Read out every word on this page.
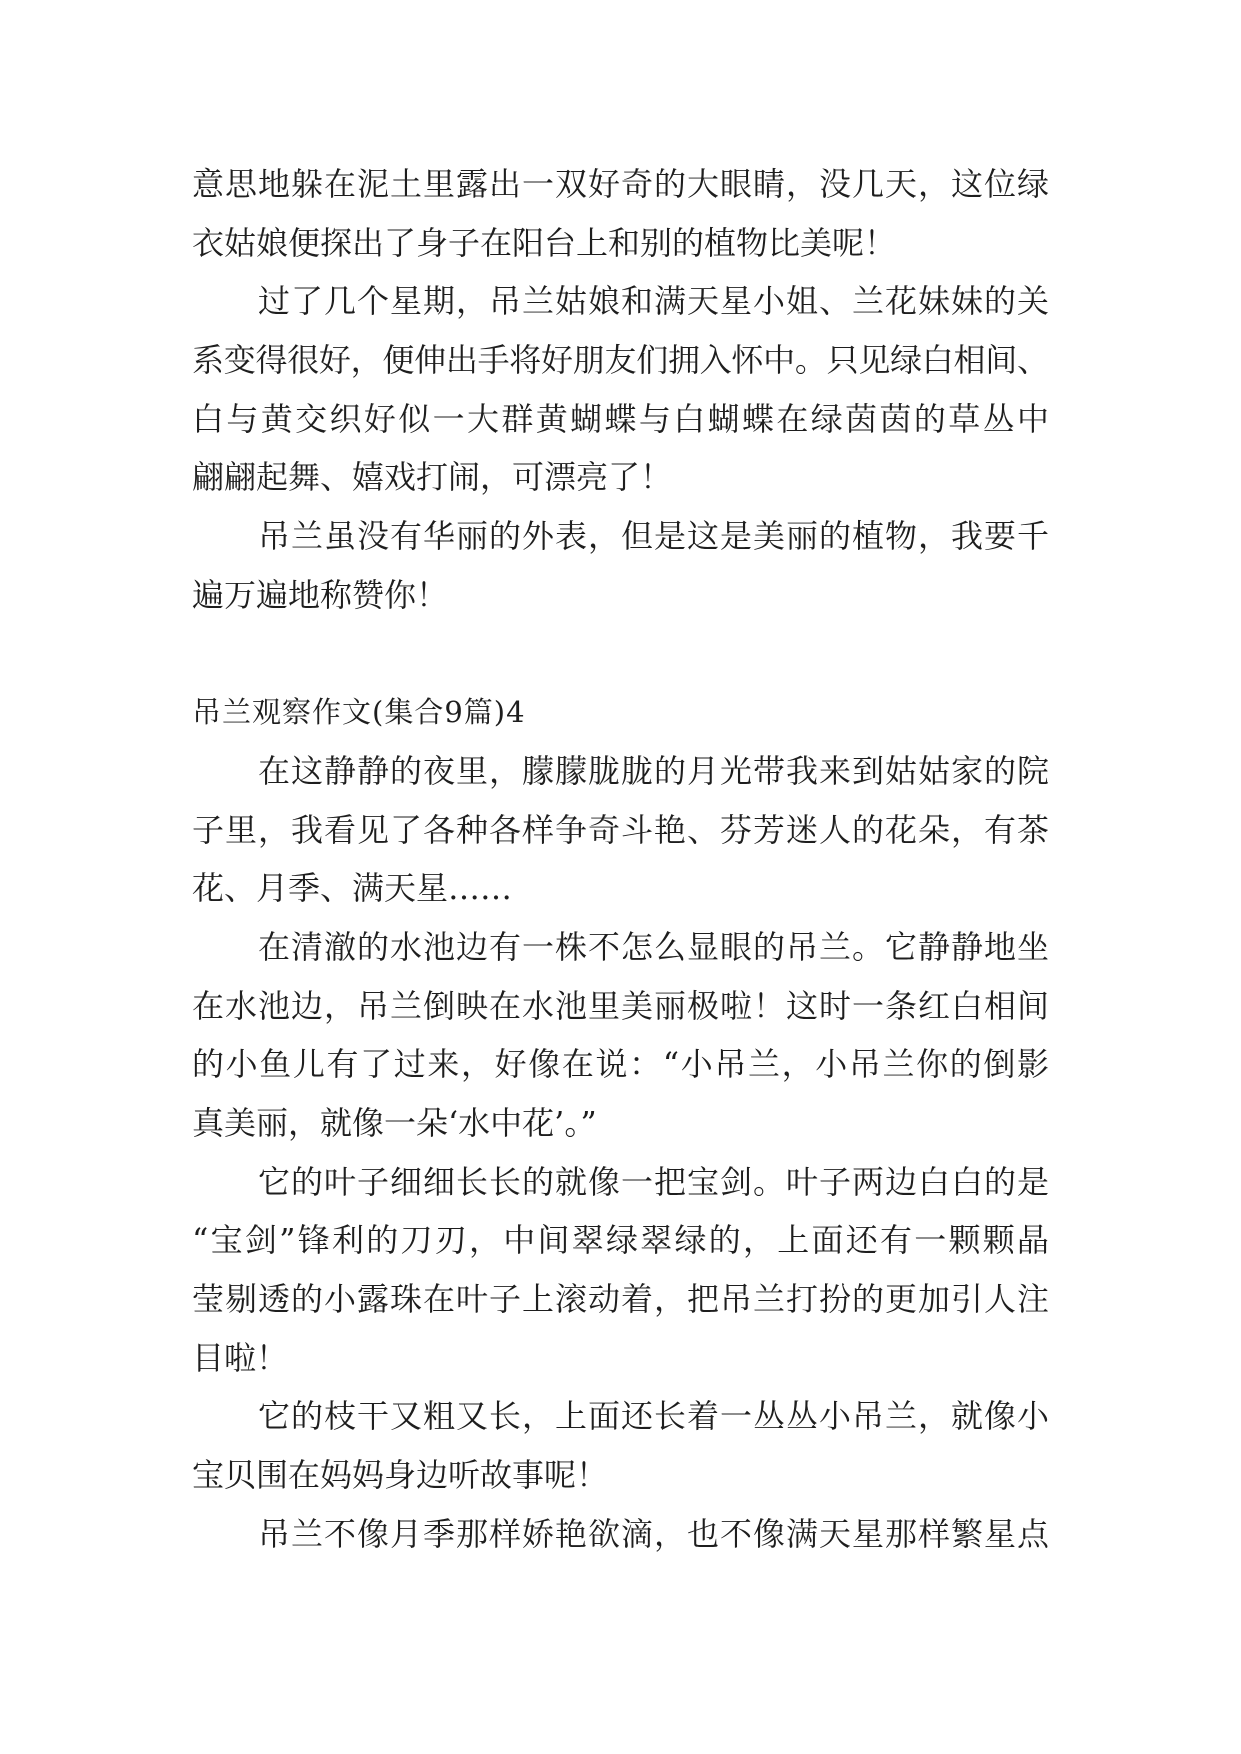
意思地躲在泥土里露出一双好奇的大眼睛，没几天，这位绿
衣姑娘便探出了身子在阳台上和别的植物比美呢！
过了几个星期，吊兰姑娘和满天星小姐、兰花妹妹的关
系变得很好，便伸出手将好朋友们拥入怀中。只见绿白相间、
白与黄交织好似一大群黄蝴蝶与白蝴蝶在绿茵茵的草丛中
翩翩起舞、嬉戏打闹，可漂亮了！
吊兰虽没有华丽的外表，但是这是美丽的植物，我要千
遍万遍地称赞你！
吊兰观察作文(集合9篇)4
在这静静的夜里，朦朦胧胧的月光带我来到姑姑家的院
子里，我看见了各种各样争奇斗艳、芬芳迷人的花朵，有茶
花、月季、满天星……
在清澈的水池边有一株不怎么显眼的吊兰。它静静地坐
在水池边，吊兰倒映在水池里美丽极啦！这时一条红白相间
的小鱼儿有了过来，好像在说：“小吊兰，小吊兰你的倒影
真美丽，就像一朵‘水中花’。”
它的叶子细细长长的就像一把宝剑。叶子两边白白的是
“宝剑”锋利的刀刃，中间翠绿翠绿的，上面还有一颗颗晶
莹剔透的小露珠在叶子上滚动着，把吊兰打扮的更加引人注
目啦！
它的枝干又粗又长，上面还长着一丛丛小吊兰，就像小
宝贝围在妈妈身边听故事呢！
吊兰不像月季那样娇艳欲滴，也不像满天星那样繁星点
